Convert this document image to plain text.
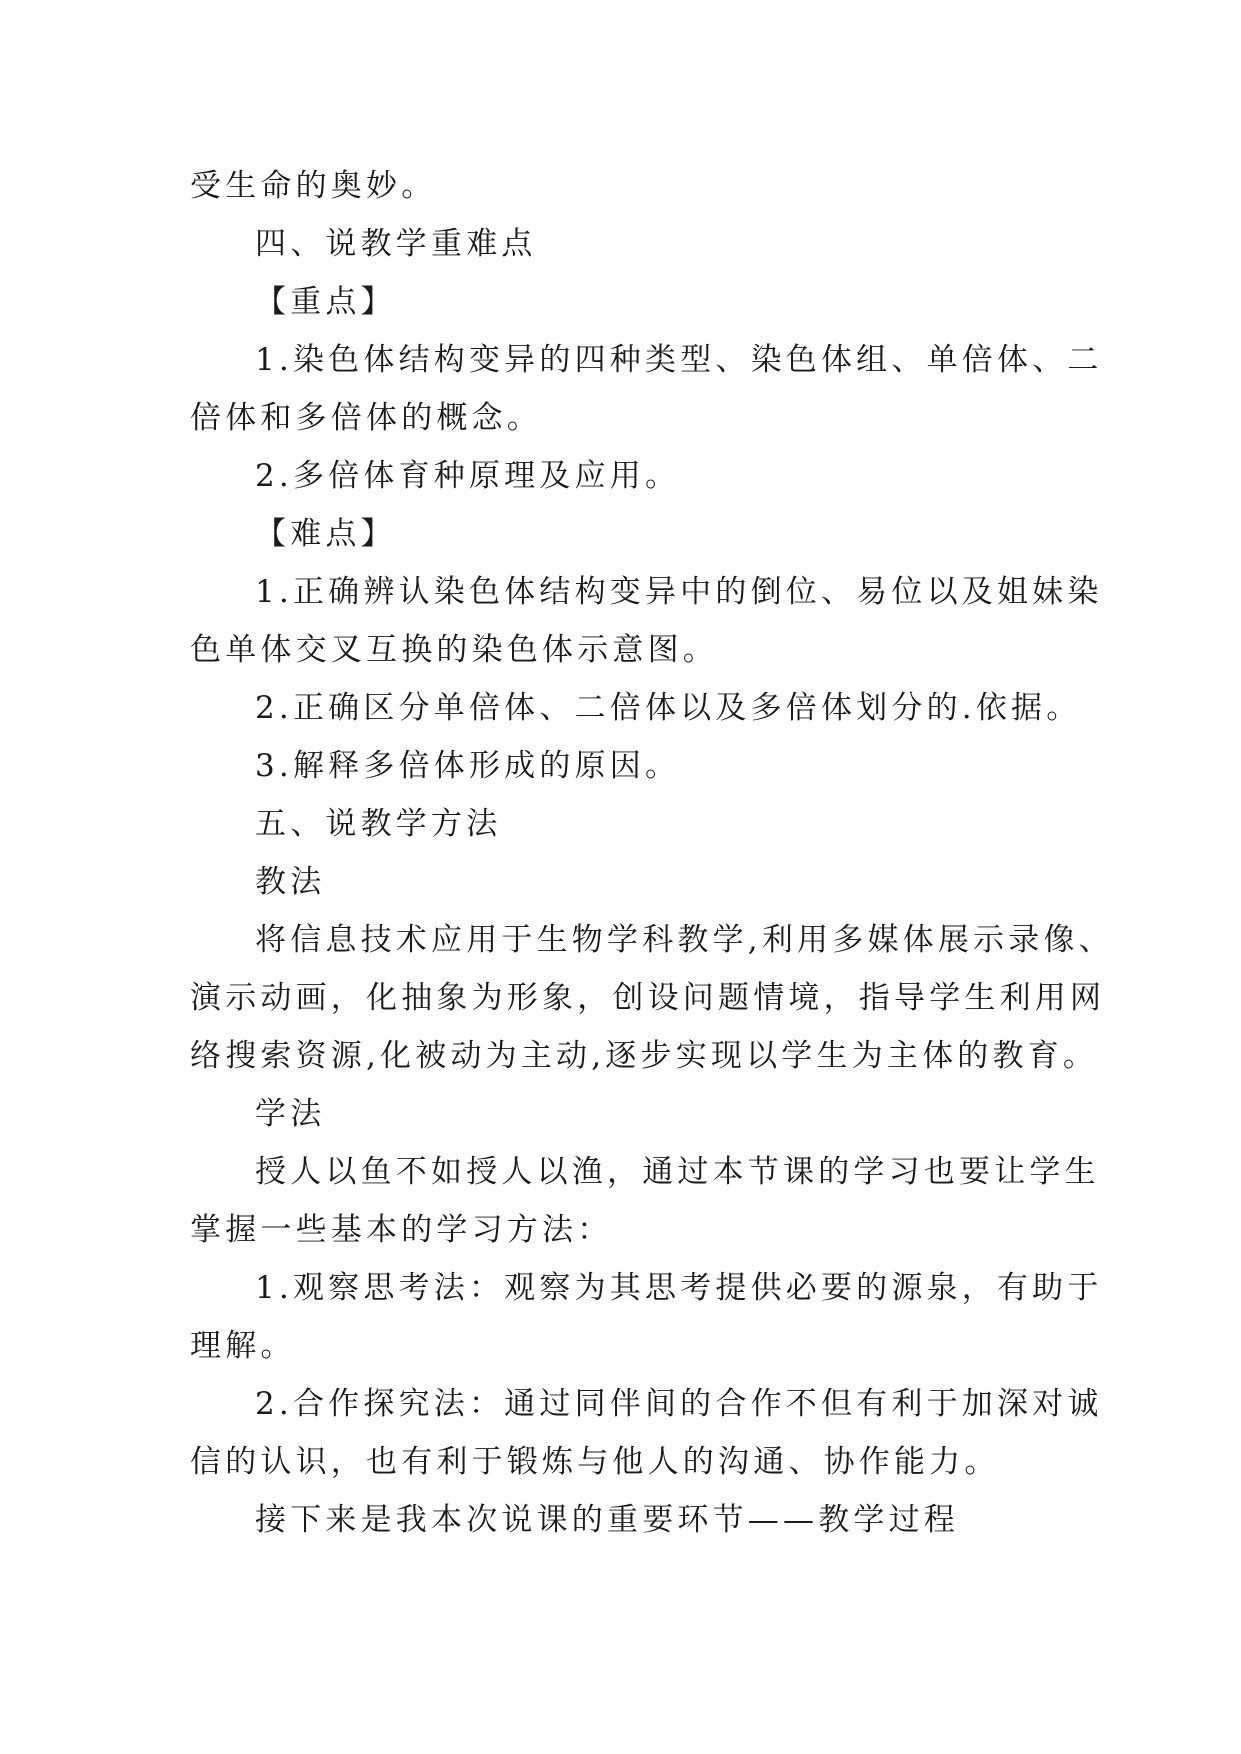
受生命的奥妙。
四、说教学重难点
【重点】
1.染色体结构变异的四种类型、染色体组、单倍体、二
倍体和多倍体的概念。
2.多倍体育种原理及应用。
【难点】
1.正确辨认染色体结构变异中的倒位、易位以及姐妹染
色单体交叉互换的染色体示意图。
2.正确区分单倍体、二倍体以及多倍体划分的.依据。
3.解释多倍体形成的原因。
五、说教学方法
教法
将信息技术应用于生物学科教学,利用多媒体展示录像、
演示动画，化抽象为形象，创设问题情境，指导学生利用网
络搜索资源,化被动为主动,逐步实现以学生为主体的教育。
学法
授人以鱼不如授人以渔，通过本节课的学习也要让学生
掌握一些基本的学习方法：
1.观察思考法：观察为其思考提供必要的源泉，有助于
理解。
2.合作探究法：通过同伴间的合作不但有利于加深对诚
信的认识，也有利于锻炼与他人的沟通、协作能力。
接下来是我本次说课的重要环节——教学过程
